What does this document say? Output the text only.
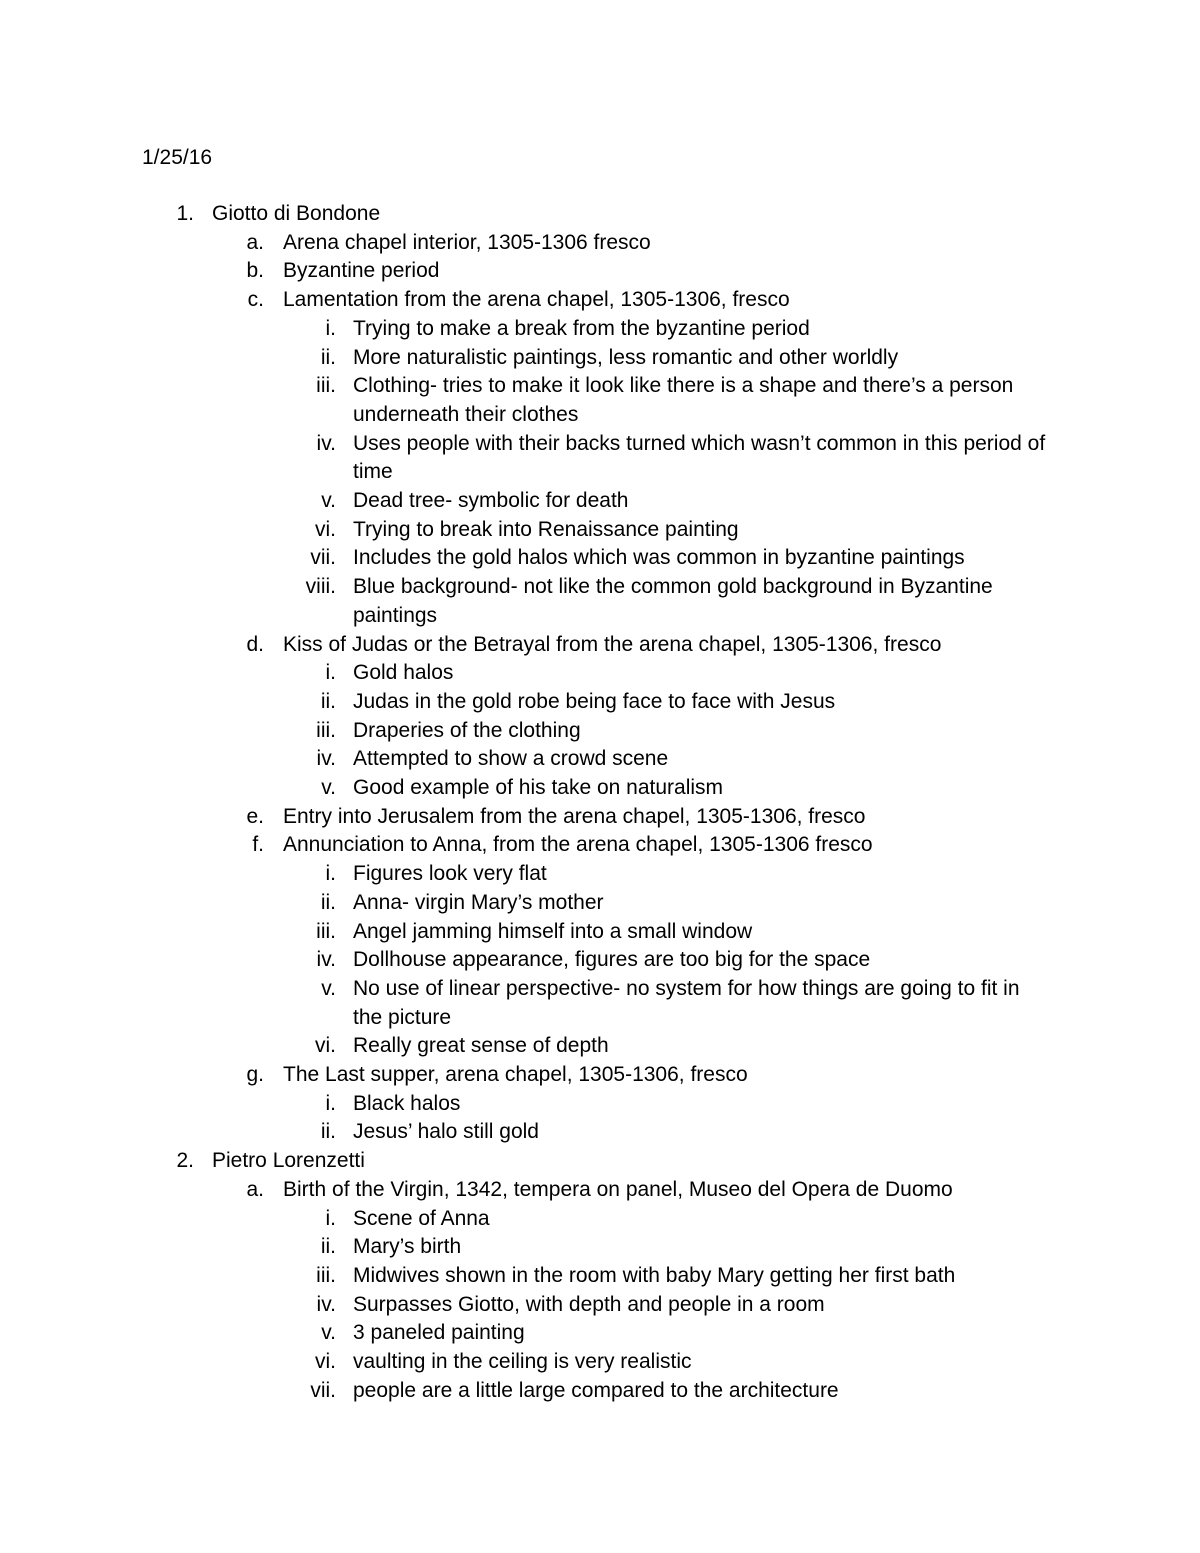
1/25/16
1. Giotto di Bondone
a. Arena chapel interior, 1305-1306 fresco
b. Byzantine period
c. Lamentation from the arena chapel, 1305-1306, fresco
i. Trying to make a break from the byzantine period
ii. More naturalistic paintings, less romantic and other worldly
iii. Clothing- tries to make it look like there is a shape and there’s a person underneath their clothes
iv. Uses people with their backs turned which wasn’t common in this period of time
v. Dead tree- symbolic for death
vi. Trying to break into Renaissance painting
vii. Includes the gold halos which was common in byzantine paintings
viii. Blue background- not like the common gold background in Byzantine paintings
d. Kiss of Judas or the Betrayal from the arena chapel, 1305-1306, fresco
i. Gold halos
ii. Judas in the gold robe being face to face with Jesus
iii. Draperies of the clothing
iv. Attempted to show a crowd scene
v. Good example of his take on naturalism
e. Entry into Jerusalem from the arena chapel, 1305-1306, fresco
f. Annunciation to Anna, from the arena chapel, 1305-1306 fresco
i. Figures look very flat
ii. Anna- virgin Mary’s mother
iii. Angel jamming himself into a small window
iv. Dollhouse appearance, figures are too big for the space
v. No use of linear perspective- no system for how things are going to fit in the picture
vi. Really great sense of depth
g. The Last supper, arena chapel, 1305-1306, fresco
i. Black halos
ii. Jesus’ halo still gold
2. Pietro Lorenzetti
a. Birth of the Virgin, 1342, tempera on panel, Museo del Opera de Duomo
i. Scene of Anna
ii. Mary’s birth
iii. Midwives shown in the room with baby Mary getting her first bath
iv. Surpasses Giotto, with depth and people in a room
v. 3 paneled painting
vi. vaulting in the ceiling is very realistic
vii. people are a little large compared to the architecture
